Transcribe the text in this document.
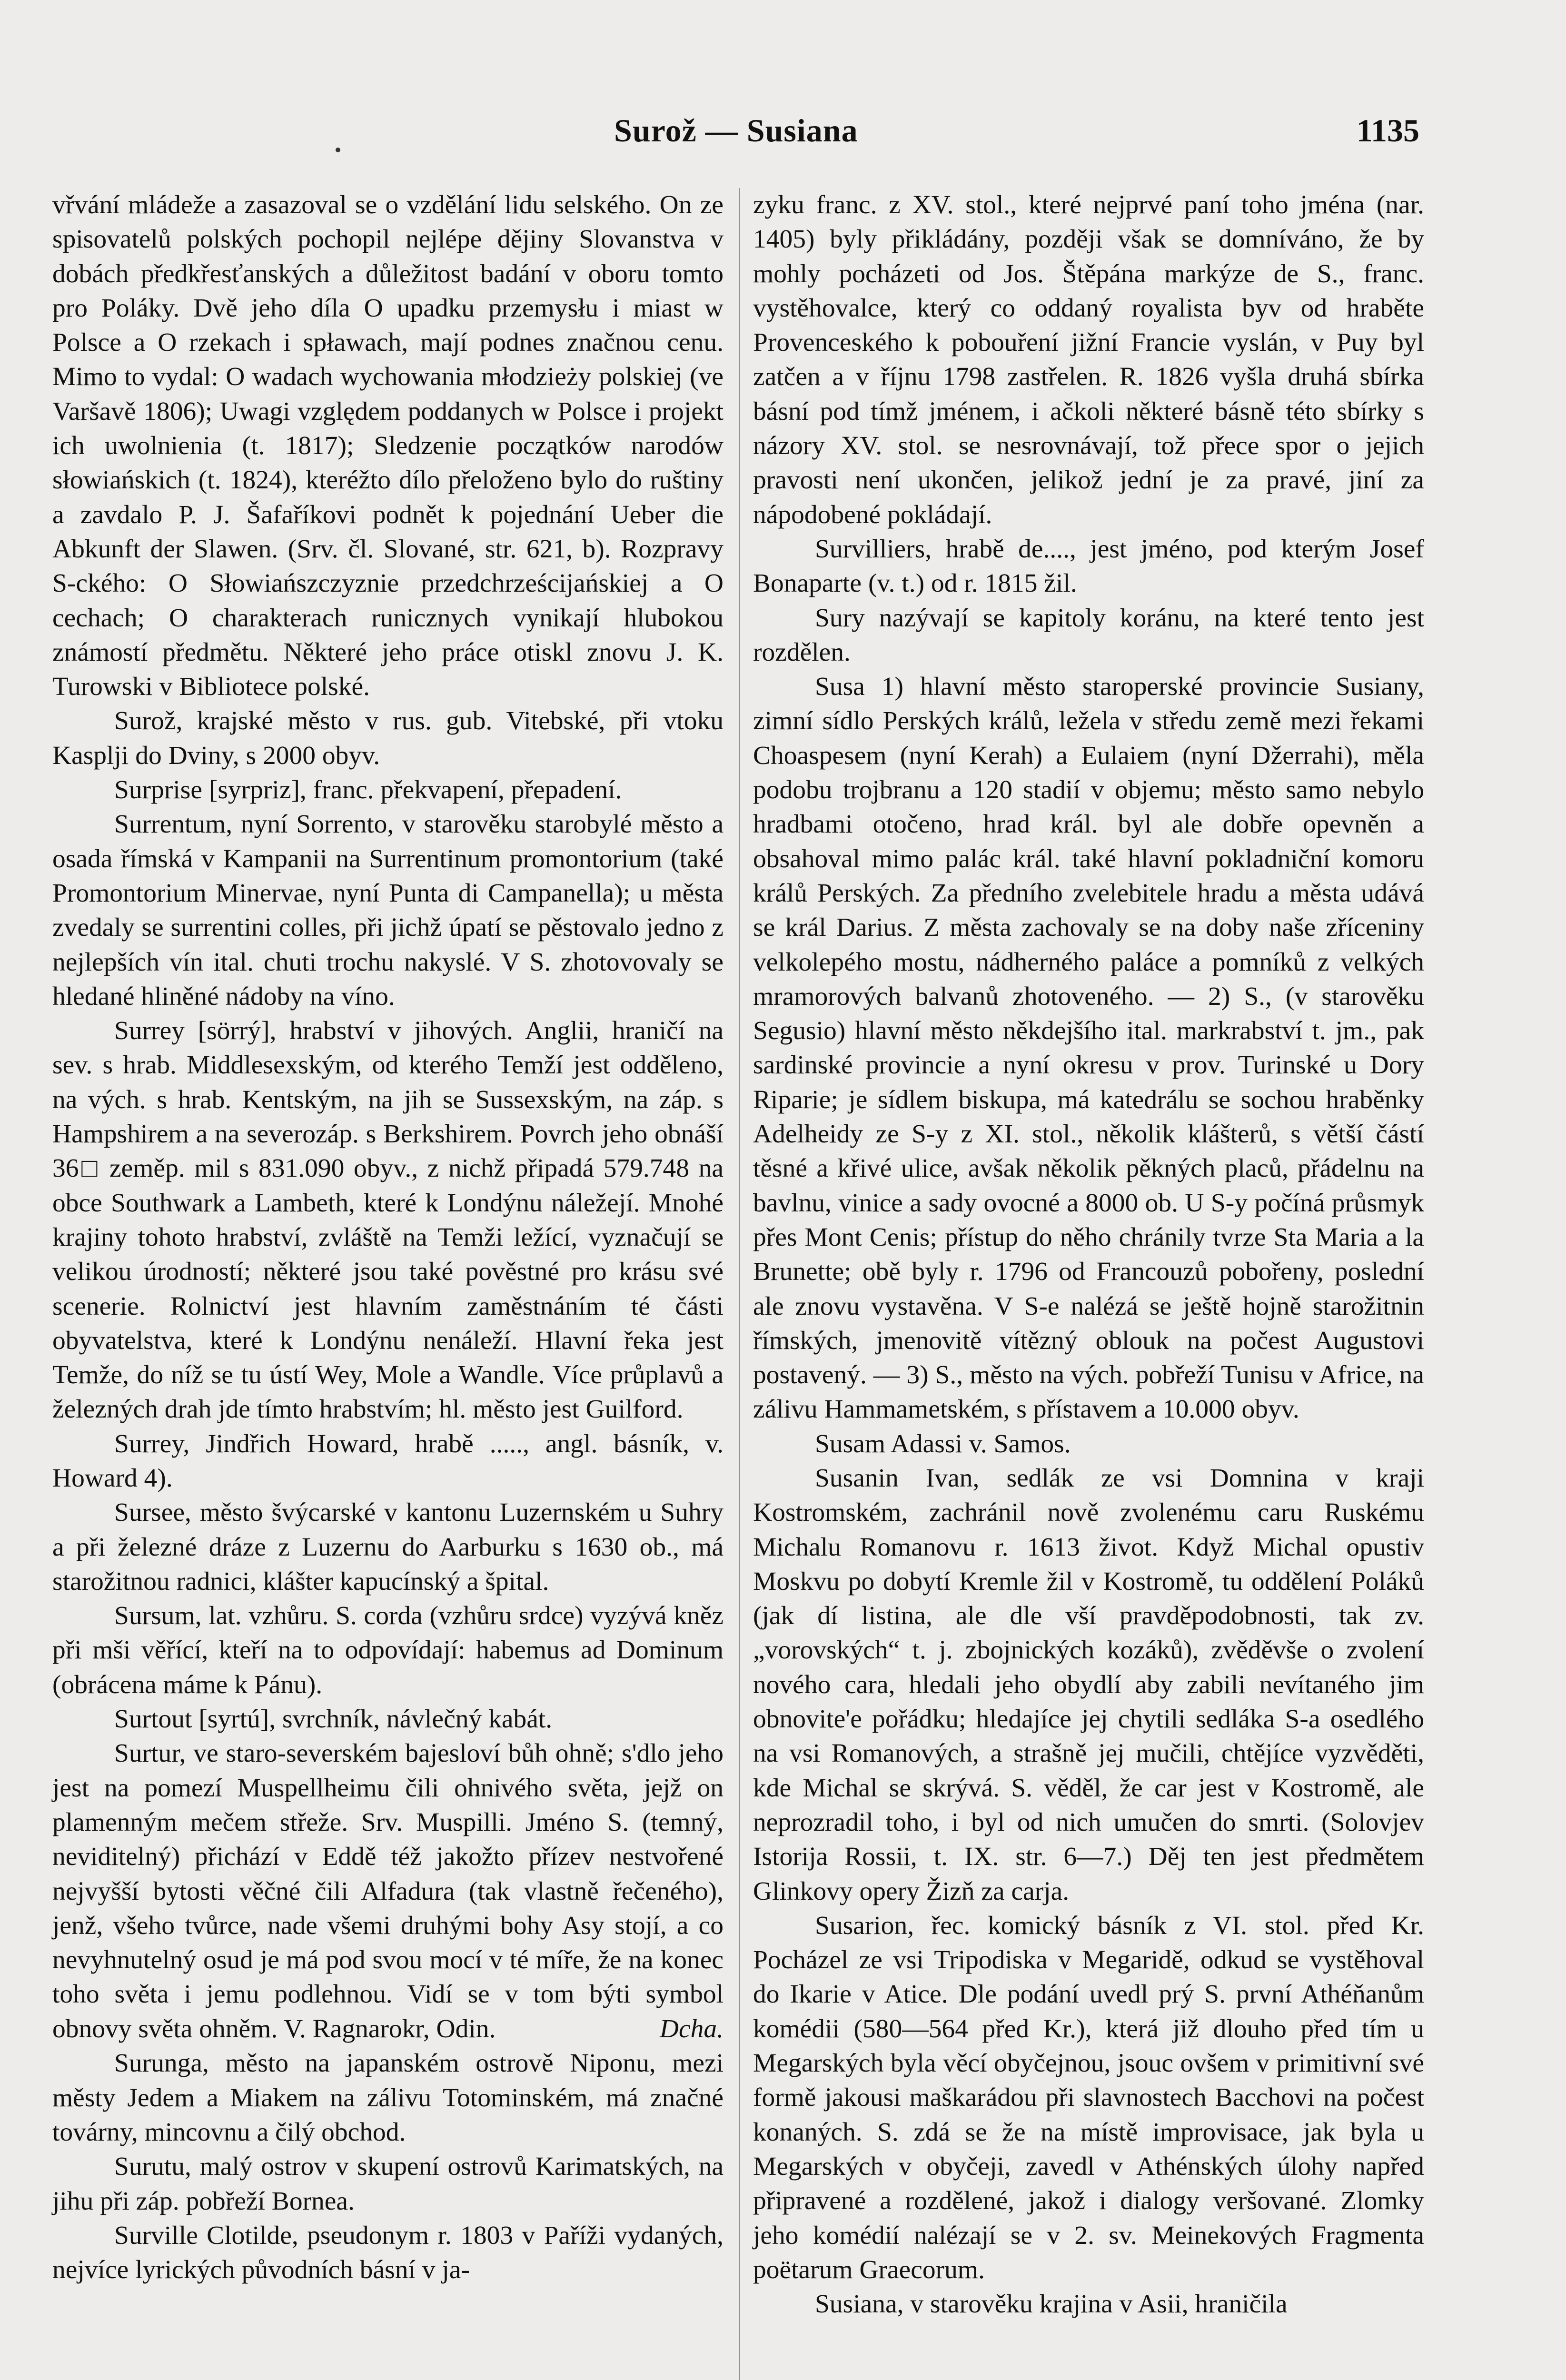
Surož — Susiana	1135

vřvání mládeže a zasazoval se o vzdělání lidu selského. On ze spisovatelů polských pochopil nejlépe dějiny Slovanstva v dobách předkřesťanských a důležitost badání v oboru tomto pro Poláky. Dvě jeho díla O upadku przemysłu i miast w Polsce a O rzekach i spławach, mají podnes značnou cenu. Mimo to vydal: O wadach wychowania młodzieży polskiej (ve Varšavě 1806); Uwagi vzględem poddanych w Polsce i projekt ich uwolnienia (t. 1817); Sledzenie początków narodów słowiańskich (t. 1824), kteréžto dílo přeloženo bylo do ruštiny a zavdalo P. J. Šafaříkovi podnět k pojednání Ueber die Abkunft der Slawen. (Srv. čl. Slované, str. 621, b). Rozpravy S-ckého: O Słowiańszczyznie przedchrześcijańskiej a O cechach; O charakterach runicznych vynikají hlubokou známostí předmětu. Některé jeho práce otiskl znovu J. K. Turowski v Bibliotece polské.

Surož, krajské město v rus. gub. Vitebské, při vtoku Kasplji do Dviny, s 2000 obyv.

Surprise [syrpriz], franc. překvapení, přepadení.

Surrentum, nyní Sorrento, v starověku starobylé město a osada římská v Kampanii na Surrentinum promontorium (také Promontorium Minervae, nyní Punta di Campanella); u města zvedaly se surrentini colles, při jichž úpatí se pěstovalo jedno z nejlepších vín ital. chuti trochu nakyslé. V S. zhotovovaly se hledané hliněné nádoby na víno.

Surrey [sörrý], hrabství v jihových. Anglii, hraničí na sev. s hrab. Middlesexským, od kterého Temží jest odděleno, na vých. s hrab. Kentským, na jih se Sussexským, na záp. s Hampshirem a na severozáp. s Berkshirem. Povrch jeho obnáší 36□ zeměp. mil s 831.090 obyv., z nichž připadá 579.748 na obce Southwark a Lambeth, které k Londýnu náležejí. Mnohé krajiny tohoto hrabství, zvláště na Temži ležící, vyznačují se velikou úrodností; některé jsou také pověstné pro krásu své scenerie. Rolnictví jest hlavním zaměstnáním té části obyvatelstva, které k Londýnu nenáleží. Hlavní řeka jest Temže, do níž se tu ústí Wey, Mole a Wandle. Více průplavů a železných drah jde tímto hrabstvím; hl. město jest Guilford.

Surrey, Jindřich Howard, hrabě ....., angl. básník, v. Howard 4).

Sursee, město švýcarské v kantonu Luzernském u Suhry a při železné dráze z Luzernu do Aarburku s 1630 ob., má starožitnou radnici, klášter kapucínský a špital.

Sursum, lat. vzhůru. S. corda (vzhůru srdce) vyzývá kněz při mši věřící, kteří na to odpovídají: habemus ad Dominum (obrácena máme k Pánu).

Surtout [syrtú], svrchník, návlečný kabát.

Surtur, ve staro-severském bajesloví bůh ohně; s'dlo jeho jest na pomezí Muspellheimu čili ohnivého světa, jejž on plamenným mečem střeže. Srv. Muspilli. Jméno S. (temný, neviditelný) přichází v Eddě též jakožto přízev nestvořené nejvyšší bytosti věčné čili Alfadura (tak vlastně řečeného), jenž, všeho tvůrce, nade všemi druhými bohy Asy stojí, a co nevyhnutelný osud je má pod svou mocí v té míře, že na konec toho světa i jemu podlehnou. Vidí se v tom býti symbol obnovy světa ohněm. V. Ragnarokr, Odin.	Dcha.

Surunga, město na japanském ostrově Niponu, mezi městy Jedem a Miakem na zálivu Totominském, má značné továrny, mincovnu a čilý obchod.

Surutu, malý ostrov v skupení ostrovů Karimatských, na jihu při záp. pobřeží Bornea.

Surville Clotilde, pseudonym r. 1803 v Paříži vydaných, nejvíce lyrických původních básní v ja-

zyku franc. z XV. stol., které nejprvé paní toho jména (nar. 1405) byly přikládány, později však se domníváno, že by mohly pocházeti od Jos. Štěpána markýze de S., franc. vystěhovalce, který co oddaný royalista byv od hraběte Provenceského k pobouření jižní Francie vyslán, v Puy byl zatčen a v říjnu 1798 zastřelen. R. 1826 vyšla druhá sbírka básní pod tímž jménem, i ačkoli některé básně této sbírky s názory XV. stol. se nesrovnávají, tož přece spor o jejich pravosti není ukončen, jelikož jední je za pravé, jiní za nápodobené pokládají.

Survilliers, hrabě de...., jest jméno, pod kterým Josef Bonaparte (v. t.) od r. 1815 žil.

Sury nazývají se kapitoly koránu, na které tento jest rozdělen.

Susa 1) hlavní město staroperské provincie Susiany, zimní sídlo Perských králů, ležela v středu země mezi řekami Choaspesem (nyní Kerah) a Eulaiem (nyní Džerrahi), měla podobu trojbranu a 120 stadií v objemu; město samo nebylo hradbami otočeno, hrad král. byl ale dobře opevněn a obsahoval mimo palác král. také hlavní pokladniční komoru králů Perských. Za předního zvelebitele hradu a města udává se král Darius. Z města zachovaly se na doby naše zříceniny velkolepého mostu, nádherného paláce a pomníků z velkých mramorových balvanů zhotoveného. — 2) S., (v starověku Segusio) hlavní město někdejšího ital. markrabství t. jm., pak sardinské provincie a nyní okresu v prov. Turinské u Dory Riparie; je sídlem biskupa, má katedrálu se sochou hraběnky Adelheidy ze S-y z XI. stol., několik klášterů, s větší částí těsné a křivé ulice, avšak několik pěkných placů, přádelnu na bavlnu, vinice a sady ovocné a 8000 ob. U S-y počíná průsmyk přes Mont Cenis; přístup do něho chránily tvrze Sta Maria a la Brunette; obě byly r. 1796 od Francouzů pobořeny, poslední ale znovu vystavěna. V S-e nalézá se ještě hojně starožitnin římských, jmenovitě vítězný oblouk na počest Augustovi postavený. — 3) S., město na vých. pobřeží Tunisu v Africe, na zálivu Hammametském, s přístavem a 10.000 obyv.

Susam Adassi v. Samos.

Susanin Ivan, sedlák ze vsi Domnina v kraji Kostromském, zachránil nově zvolenému caru Ruskému Michalu Romanovu r. 1613 život. Když Michal opustiv Moskvu po dobytí Kremle žil v Kostromě, tu oddělení Poláků (jak dí listina, ale dle vší pravděpodobnosti, tak zv. „vorovských“ t. j. zbojnických kozáků), zvěděvše o zvolení nového cara, hledali jeho obydlí aby zabili nevítaného jim obnovite'e pořádku; hledajíce jej chytili sedláka S-a osedlého na vsi Romanových, a strašně jej mučili, chtějíce vyzvěděti, kde Michal se skrývá. S. věděl, že car jest v Kostromě, ale neprozradil toho, i byl od nich umučen do smrti. (Solovjev Istorija Rossii, t. IX. str. 6—7.) Děj ten jest předmětem Glinkovy opery Žizň za carja.

Susarion, řec. komický básník z VI. stol. před Kr. Pocházel ze vsi Tripodiska v Megaridě, odkud se vystěhoval do Ikarie v Atice. Dle podání uvedl prý S. první Athéňanům komédii (580—564 před Kr.), která již dlouho před tím u Megarských byla věcí obyčejnou, jsouc ovšem v primitivní své formě jakousi maškarádou při slavnostech Bacchovi na počest konaných. S. zdá se že na místě improvisace, jak byla u Megarských v obyčeji, zavedl v Athénských úlohy napřed připravené a rozdělené, jakož i dialogy veršované. Zlomky jeho komédií nalézají se v 2. sv. Meinekových Fragmenta poëtarum Graecorum.

Susiana, v starověku krajina v Asii, hraničila
